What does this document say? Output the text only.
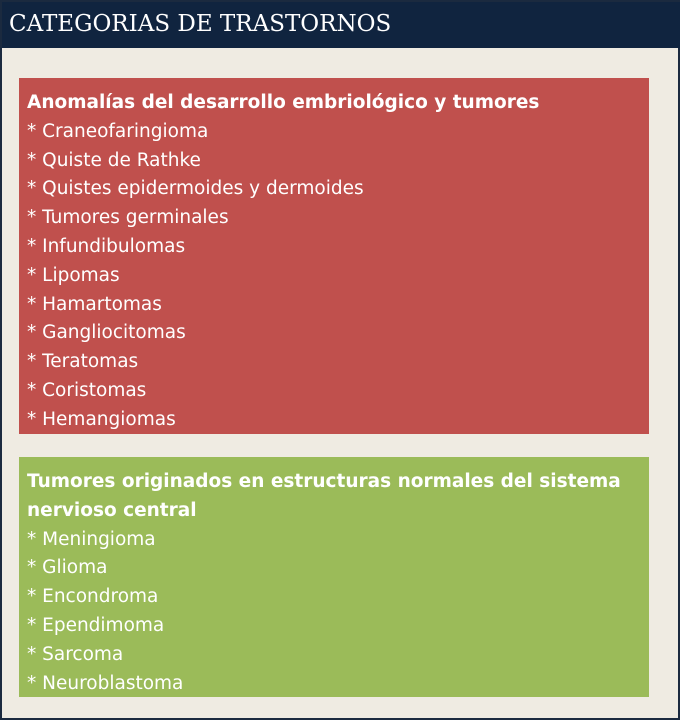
CATEGORIAS DE TRASTORNOS
Anomalías del desarrollo embriológico y tumores
* Craneofaringioma
* Quiste de Rathke
* Quistes epidermoides y dermoides
* Tumores germinales
* Infundibulomas
* Lipomas
* Hamartomas
* Gangliocitomas
* Teratomas
* Coristomas
* Hemangiomas
Tumores originados en estructuras normales del sistema nervioso central
* Meningioma
* Glioma
* Encondroma
* Ependimoma
* Sarcoma
* Neuroblastoma
